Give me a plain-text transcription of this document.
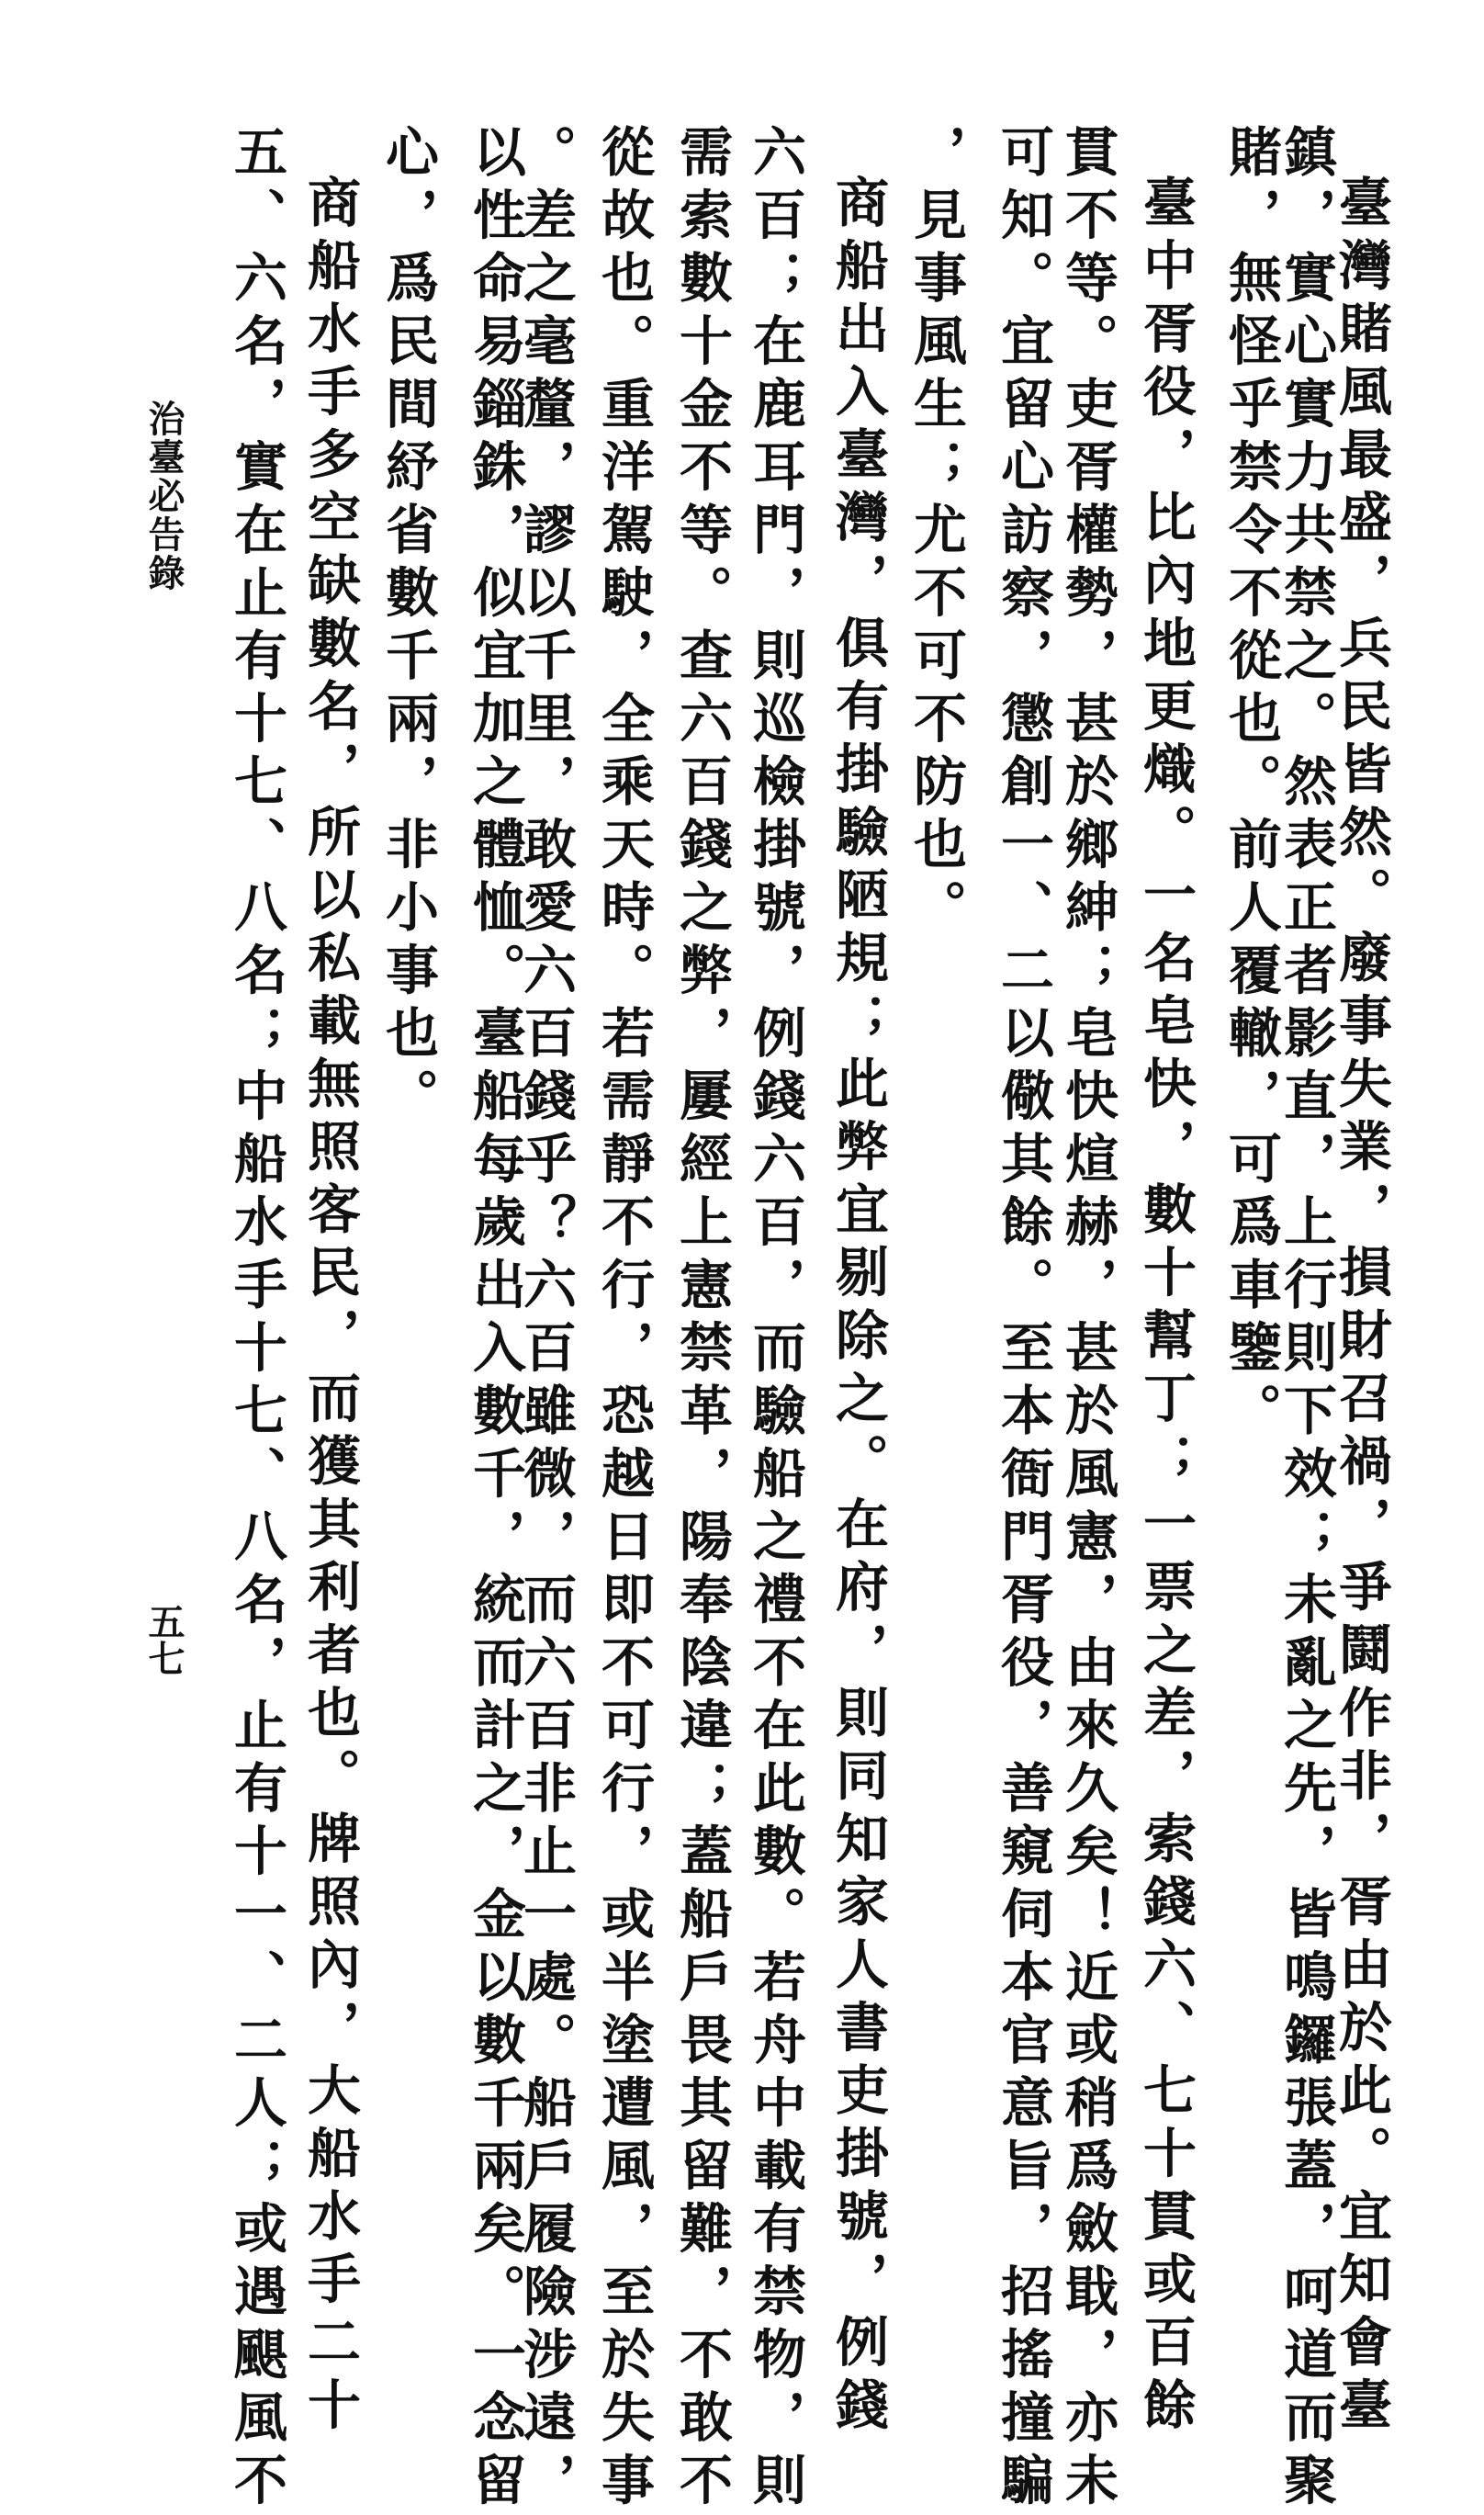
臺灣賭風最盛，兵民皆然。廢事失業，損財召禍，爭鬪作非，胥由於此。宜知會臺
鎮，實心實力共禁之。然表正者影直，上行則下效；未亂之先，皆鳴鑼張蓋，呵道而聚
賭，無怪乎禁令不從也。前人覆轍，可爲車鑒。
臺中胥役，比內地更熾。一名皂快，數十幫丁；一票之差，索錢六、七十貫或百餘
貫不等。吏胥權勢，甚於鄉紳；皂快煊赫，甚於風憲，由來久矣！近或稍爲斂戢，亦未
可知。宜留心訪察，懲創一、二以儆其餘。至本衙門胥役，善窺伺本官意旨，招搖撞騙
，見事風生；尤不可不防也。
商船出入臺灣，俱有掛驗陋規；此弊宜剔除之。在府，則同知家人書吏掛號，例錢
六百；在鹿耳門，則巡檢掛號，例錢六百，而驗船之禮不在此數。若舟中載有禁物，則
需索數十金不等。查六百錢之弊，屢經上憲禁革，陽奉陰違；蓋船戶畏其留難，不敢不
從故也。重洋駕駛，全乘天時。若需靜不行，恐越日即不可行，或半塗遭風，至於失事
。差之毫釐，謬以千里，敢愛六百錢乎？六百雖微，而六百非止一處。船戶履險涉遠，
以性命易錙銖，似宜加之體恤。臺船每歲出入數千，統而計之，金以數千兩矣。一念留
心，爲民間紓省數千兩，非小事也。
商船水手多空缺數名，所以私載無照客民，而獲其利者也。牌照內，大船水手二十
五、六名，實在止有十七、八名；中船水手十七、八名，止有十一、二人；或遇颶風不
治臺必告錄
五七
